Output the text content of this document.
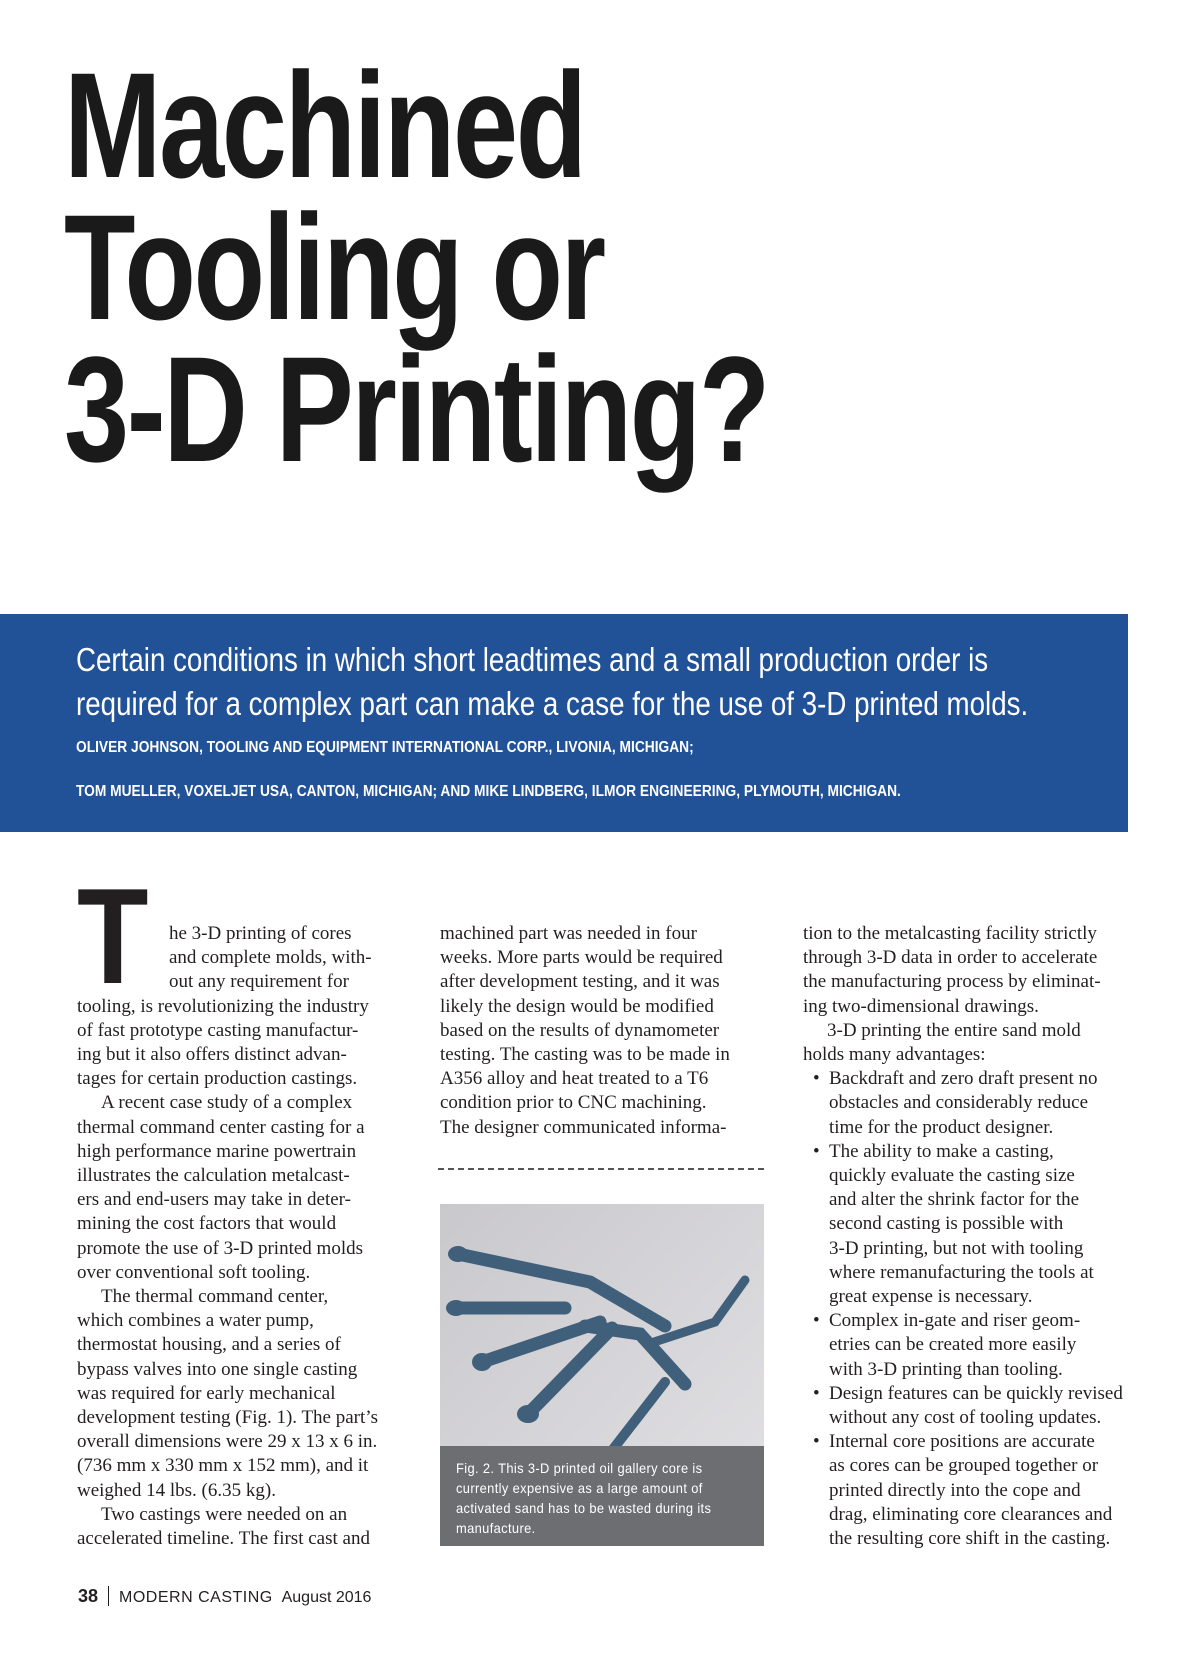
Machined
Tooling or
3-D Printing?
Certain conditions in which short leadtimes and a small production order is
required for a complex part can make a case for the use of 3-D printed molds.
OLIVER JOHNSON, TOOLING AND EQUIPMENT INTERNATIONAL CORP., LIVONIA, MICHIGAN;
TOM MUELLER, VOXELJET USA, CANTON, MICHIGAN; AND MIKE LINDBERG, ILMOR ENGINEERING, PLYMOUTH, MICHIGAN.
T	he 3-D printing of cores
and complete molds, with-
out any requirement for
tooling, is revolutionizing the industry
of fast prototype casting manufactur-
ing but it also offers distinct advan-
tages for certain production castings.

A recent case study of a complex
thermal command center casting for a
high performance marine powertrain
illustrates the calculation metalcast-
ers and end-users may take in deter-
mining the cost factors that would
promote the use of 3-D printed molds
over conventional soft tooling.

The thermal command center,
which combines a water pump,
thermostat housing, and a series of
bypass valves into one single casting
was required for early mechanical
development testing (Fig. 1). The part’s
overall dimensions were 29 x 13 x 6 in.
(736 mm x 330 mm x 152 mm), and it
weighed 14 lbs. (6.35 kg).

Two castings were needed on an
accelerated timeline. The first cast and

machined part was needed in four
weeks. More parts would be required
after development testing, and it was
likely the design would be modified
based on the results of dynamometer
testing. The casting was to be made in
A356 alloy and heat treated to a T6
condition prior to CNC machining.
The designer communicated informa-

Fig. 2. This 3-D printed oil gallery core is currently expensive as a large amount of activated sand has to be wasted during its manufacture.

tion to the metalcasting facility strictly
through 3-D data in order to accelerate
the manufacturing process by eliminat-
ing two-dimensional drawings.

3-D printing the entire sand mold
holds many advantages:

• Backdraft and zero draft present no
obstacles and considerably reduce
time for the product designer.
• The ability to make a casting,
quickly evaluate the casting size
and alter the shrink factor for the
second casting is possible with
3-D printing, but not with tooling
where remanufacturing the tools at
great expense is necessary.
• Complex in-gate and riser geom-
etries can be created more easily
with 3-D printing than tooling.
• Design features can be quickly revised
without any cost of tooling updates.
• Internal core positions are accurate
as cores can be grouped together or
printed directly into the cope and
drag, eliminating core clearances and
the resulting core shift in the casting.
38 MODERN CASTING August 2016
